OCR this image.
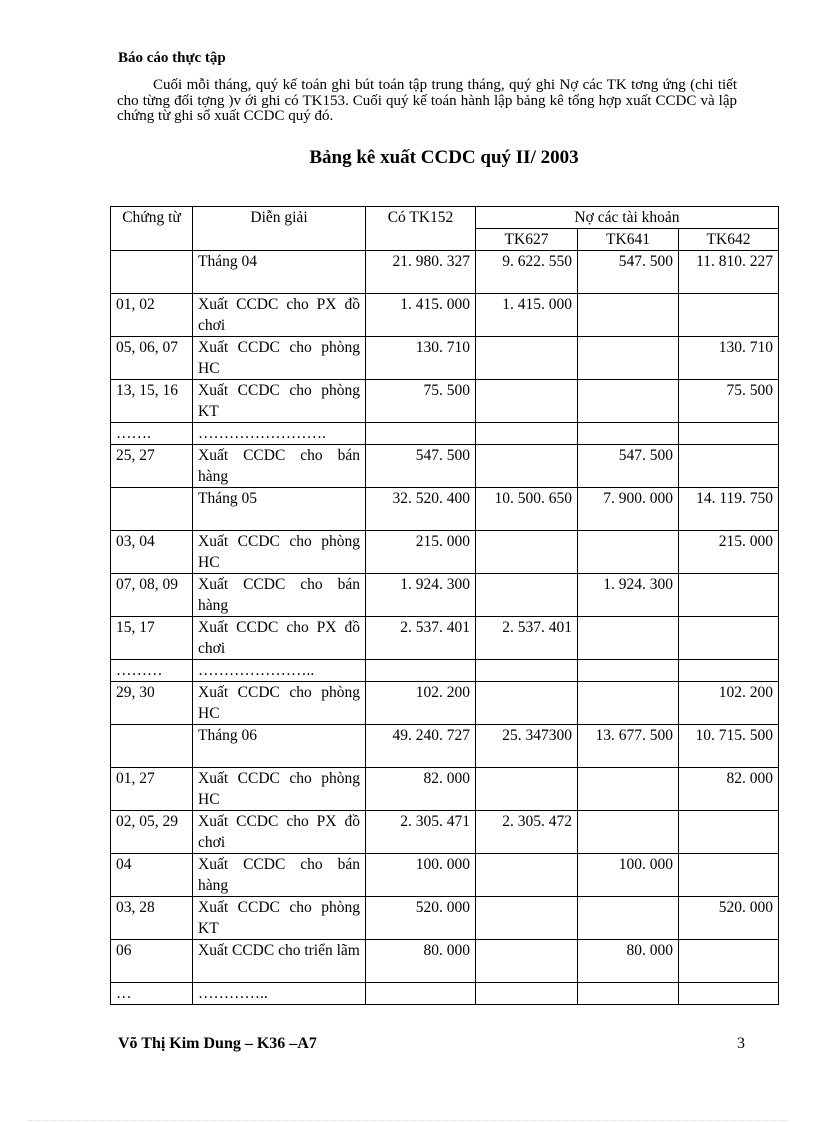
Báo cáo thực tập

Cuối mỗi tháng, quý kế toán ghi bút toán tập trung tháng, quý ghi Nợ các TK tơng ứng (chi tiết cho từng đối tợng )v ới ghi có TK153. Cuối quý kế toán hành lập bảng kê tổng hợp xuất CCDC và lập chứng từ ghi sổ xuất CCDC quý đó.

Bảng kê xuất CCDC quý II/ 2003
Chứng từ	Diễn giải	Có TK152	Nợ các tài khoản		
			TK627	TK641	TK642
	Tháng 04	21. 980. 327	9. 622. 550	547. 500	11. 810. 227
01, 02	Xuất CCDC cho PX đồ chơi	1. 415. 000	1. 415. 000		
05, 06, 07	Xuất CCDC cho phòng HC	130. 710			130. 710
13, 15, 16	Xuất CCDC cho phòng KT	75. 500			75. 500
…….	…………………….				
25, 27	Xuất CCDC cho bán hàng	547. 500		547. 500	
	Tháng 05	32. 520. 400	10. 500. 650	7. 900. 000	14. 119. 750
03, 04	Xuất CCDC cho phòng HC	215. 000			215. 000
07, 08, 09	Xuất CCDC cho bán hàng	1. 924. 300		1. 924. 300	
15, 17	Xuất CCDC cho PX đồ chơi	2. 537. 401	2. 537. 401		
………	…………………..				
29, 30	Xuất CCDC cho phòng HC	102. 200			102. 200
	Tháng 06	49. 240. 727	25. 347300	13. 677. 500	10. 715. 500
01, 27	Xuất CCDC cho phòng HC	82. 000			82. 000
02, 05, 29	Xuất CCDC cho PX đồ chơi	2. 305. 471	2. 305. 472		
04	Xuất CCDC cho bán hàng	100. 000		100. 000	
03, 28	Xuất CCDC cho phòng KT	520. 000			520. 000
06	Xuất CCDC cho triển lãm	80. 000		80. 000	
…	…………..				
Võ Thị Kim Dung – K36 –A7	3
